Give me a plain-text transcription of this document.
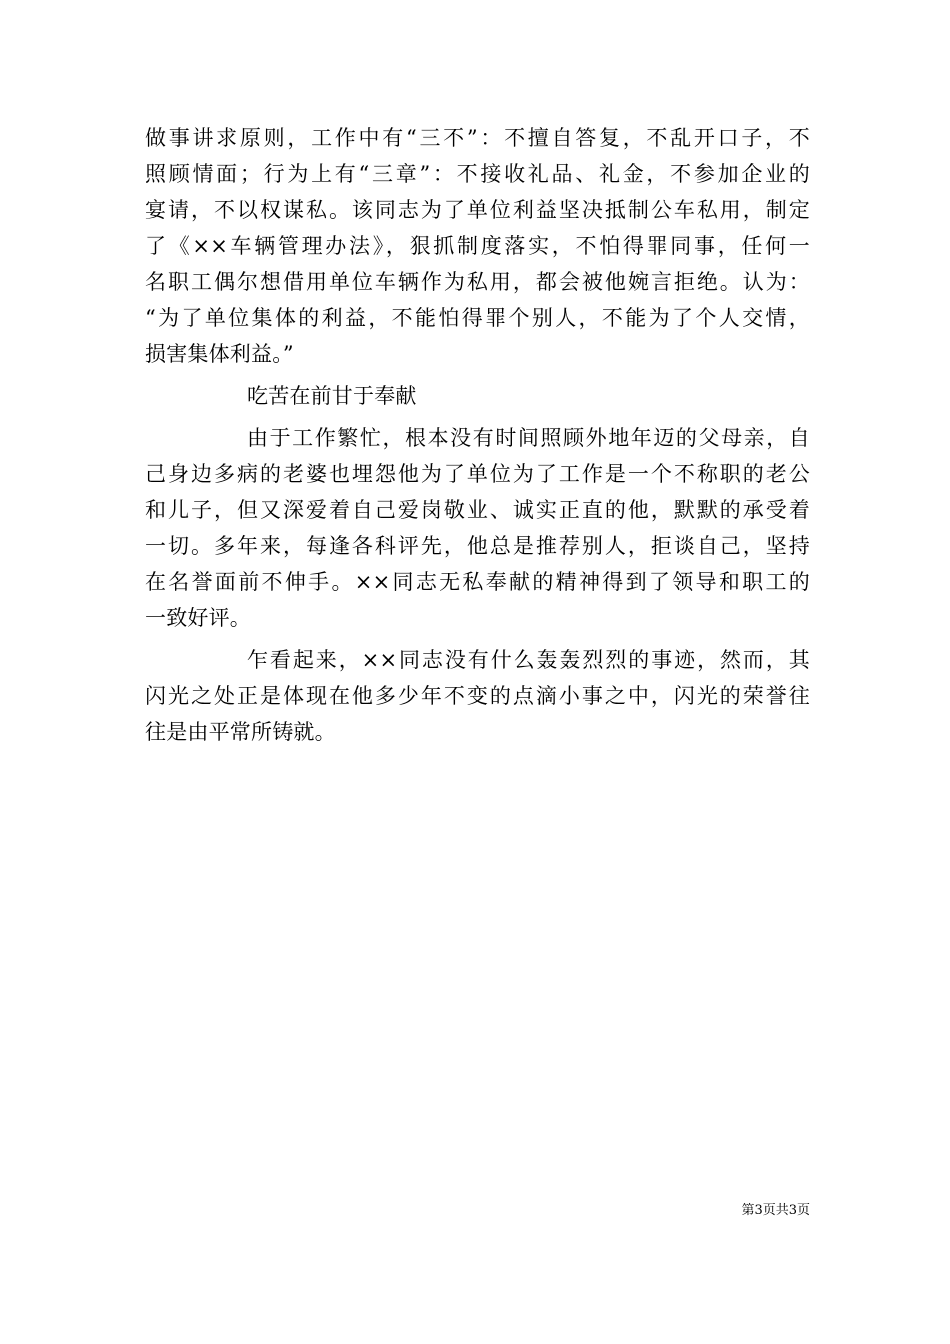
做事讲求原则，工作中有“三不”：不擅自答复，不乱开口子，不
照顾情面；行为上有“三章”：不接收礼品、礼金，不参加企业的
宴请，不以权谋私。该同志为了单位利益坚决抵制公车私用，制定
了《××车辆管理办法》，狠抓制度落实，不怕得罪同事，任何一
名职工偶尔想借用单位车辆作为私用，都会被他婉言拒绝。认为：
“为了单位集体的利益，不能怕得罪个别人，不能为了个人交情，
损害集体利益。”
吃苦在前甘于奉献
由于工作繁忙，根本没有时间照顾外地年迈的父母亲，自
己身边多病的老婆也埋怨他为了单位为了工作是一个不称职的老公
和儿子，但又深爱着自己爱岗敬业、诚实正直的他，默默的承受着
一切。多年来，每逢各科评先，他总是推荐别人，拒谈自己，坚持
在名誉面前不伸手。××同志无私奉献的精神得到了领导和职工的
一致好评。
乍看起来，××同志没有什么轰轰烈烈的事迹，然而，其
闪光之处正是体现在他多少年不变的点滴小事之中，闪光的荣誉往
往是由平常所铸就。
第3页共3页
